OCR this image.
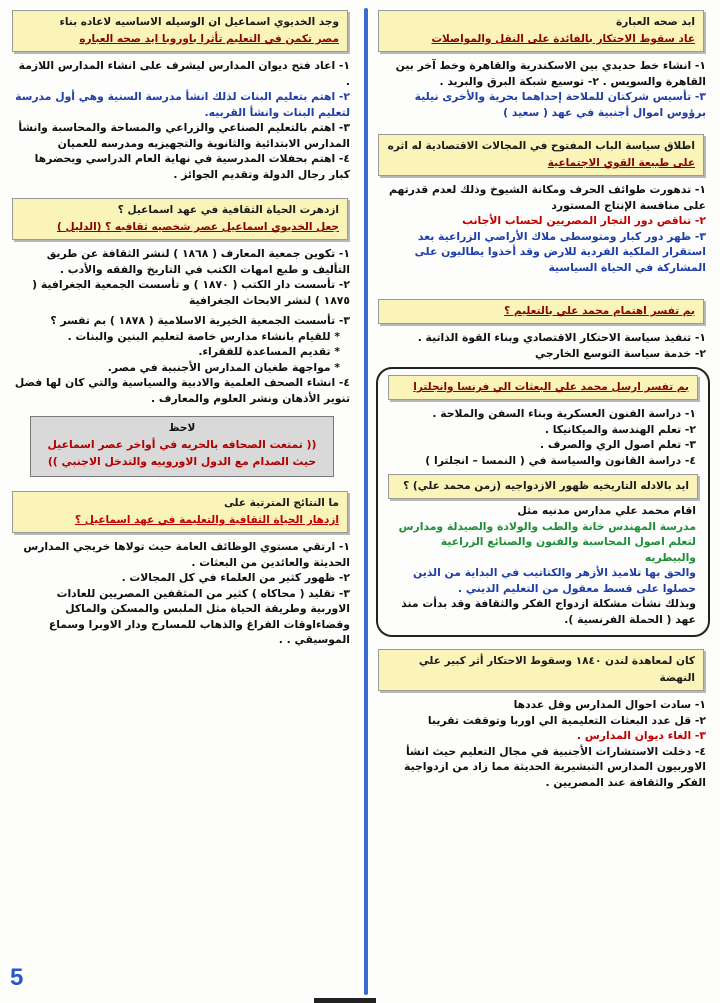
ابد صحه العبارة
عاد سقوط الاحتكار بالفائدة على النقل والمواصلات
١- انشاء خط حديدي بين الاسكندرية والقاهرة وخط آخر بين القاهرة والسويس . ٢- توسيع شبكة البرق والبريد .
٣- تأسيس شركتان للملاحة إحداهما بحرية والأخرى نيلية برؤوس اموال أجنبية في عهد ( سعيد )
اطلاق سياسة الباب المفتوح في المجالات الاقتصادية له اثره
على طبيعة القوي الاجتماعية
١- تدهورت طوائف الحرف ومكانة الشيوخ وذلك لعدم قدرتهم على منافسة الإنتاج المستورد
٢- تناقص دور التجار المصريين لحساب الأجانب
٣- ظهر دور كبار ومتوسطى ملاك الأراضي الزراعية بعد استقرار الملكية الفردية للارض وقد أخذوا يطالبون على المشاركة في الحياة السياسية
بم تفسر اهتمام محمد علي بالتعليم ؟
١- تنفيذ سياسة الاحتكار الاقتصادي وبناء القوة الذاتية .
٢- خدمة سياسة التوسع الخارجي
بم تفسر ارسل محمد علي البعثات الي فرنسا وانجلترا
١- دراسة الفنون العسكرية وبناء السفن والملاحة .
٢- تعلم الهندسة والميكانيكا .
٣- تعلم اصول الري والصرف .
٤- دراسة القانون والسياسة في ( النمسا – انجلترا )
ايد بالادله التاريخيه ظهور الازدواجيه (زمن محمد علي) ؟
اقام محمد علي مدارس مدنيه مثل
مدرسة المهندس خانة والطب والولادة والصيدلة ومدارس لتعلم اصول المحاسبة والفنون والصنائع الزراعية والبيطريه
والحق بها تلاميذ الأزهر والكتاتيب في البداية من الذين حصلوا على قسط معقول من التعليم الديني .
وبذلك نشأت مشكلة ازدواج الفكر والثقافة وقد بدأت منذ عهد ( الحملة الفرنسية ).
كان لمعاهدة لندن ١٨٤٠ وسقوط الاحتكار أثر كبير علي النهضة
١- سادت احوال المدارس وقل عددها
٢- قل عدد البعثات التعليمية الي اوربا وتوقفت تقريبا
٣- الغاء ديوان المدارس .
٤- دخلت الاستشارات الأجنبية في مجال التعليم حيث انشأ الاوربيون المدارس التبشيرية الحديثة مما زاد من ازدواجية الفكر والثقافة عند المصريين .
وجد الخديوي اسماعيل ان الوسيله الاساسيه لاعاده بناء
مصر تكمن في التعليم تأثرا باوروبا ايد صحه العباره
١- اعاد فتح ديوان المدارس ليشرف على انشاء المدارس اللازمة .
٢- اهتم بتعليم البنات لذلك انشأ مدرسة السنية وهي أول مدرسة لتعليم البنات وانشأ القربيه.
٣- اهتم بالتعليم الصناعي والزراعي والمساحة والمحاسبة وانشأ المدارس الابتدائية والثانوية والتجهيزيه ومدرسه للعميان
٤- اهتم بحفلات المدرسية في نهاية العام الدراسي ويحضرها كبار رجال الدولة وتقديم الجوائز .
ازدهرت الحياة الثقافية في عهد اسماعيل ؟
جعل الخديوي اسماعيل عصر شخصيه ثقافيه ؟ (الدليل )
١- تكوين جمعية المعارف ( ١٨٦٨ ) لنشر الثقافة عن طريق التأليف و طبع امهات الكتب في التاريخ والفقه والأدب .
٢- تأسست دار الكتب ( ١٨٧٠ ) و تأسست الجمعية الجغرافية ( ١٨٧٥ ) لنشر الابحاث الجغرافية
٣- تأسست الجمعية الخيرية الاسلامية ( ١٨٧٨ ) بم تفسر ؟
* للقيام بانشاء مدارس خاصة لتعليم البنين والبنات .
* تقديم المساعدة للفقراء.
* مواجهة طغيان المدارس الأجنبية في مصر.
٤- انشاء الصحف العلمية والادبية والسياسية والتي كان لها فضل تنوير الأذهان ونشر العلوم والمعارف .
لاحظ
(( تمتعت الصحافه بالحريه في أواخر عصر اسماعيل
حيث الصدام مع الدول الاوروبيه والتدخل الاجنبي ))
ما النتائج المترتبة على
ازدهار الحياة الثقافية والتعليمة في عهد اسماعيل ؟
١- ارتقي مستوي الوظائف العامة حيث تولاها خريجي المدارس الحديثة والعائدين من البعثات .
٢- ظهور كثير من العلماء في كل المجالات .
٣- تقليد ( محاكاه ) كثير من المثقفين المصريين للعادات الاوربية وطريقة الحياة مثل الملبس والمسكن والماكل وقضاءاوقات الفراغ والذهاب للمسارح ودار الاوبرا وسماع الموسيقي . .
5
